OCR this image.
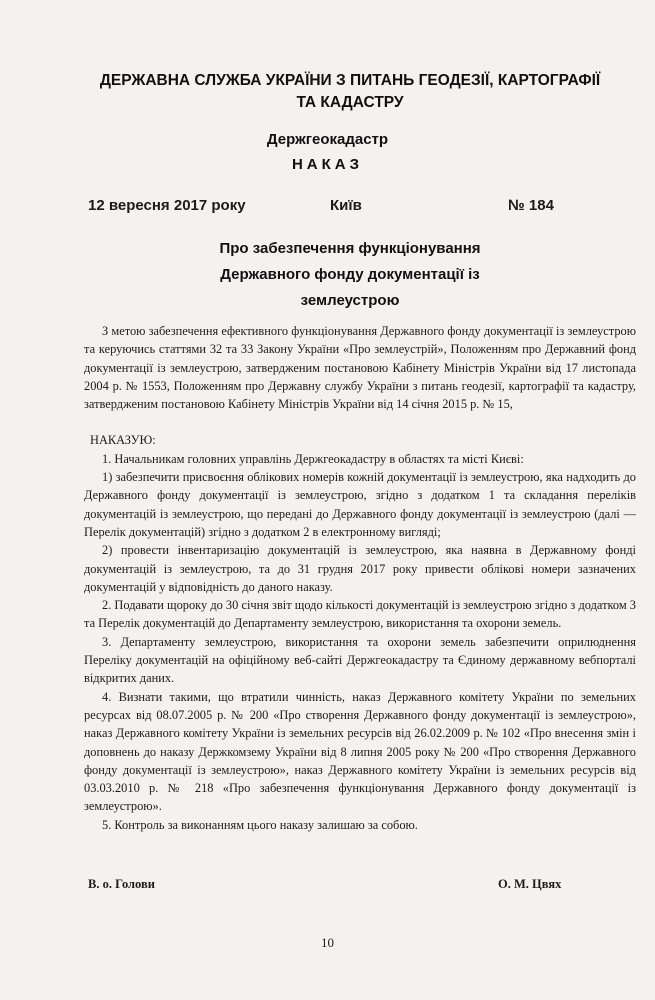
ДЕРЖАВНА СЛУЖБА УКРАЇНИ З ПИТАНЬ ГЕОДЕЗІЇ, КАРТОГРАФІЇ ТА КАДАСТРУ
Держгеокадастр
НАКАЗ
12 вересня 2017 року	Київ	№ 184
Про забезпечення функціонування
Державного фонду документації із
землеустрою

З метою забезпечення ефективного функціонування Державного фонду документації із землеустрою та керуючись статтями 32 та 33 Закону України «Про землеустрій», Положенням про Державний фонд документації із землеустрою, затвердженим постановою Кабінету Міністрів України від 17 листопада 2004 р. № 1553, Положенням про Державну службу України з питань геодезії, картографії та кадастру, затвердженим постановою Кабінету Міністрів України від 14 січня 2015 р. № 15,

НАКАЗУЮ:

1. Начальникам головних управлінь Держгеокадастру в областях та місті Києві:

1) забезпечити присвоєння облікових номерів кожній документації із землеустрою, яка надходить до Державного фонду документації із землеустрою, згідно з додатком 1 та складання переліків документацій із землеустрою, що передані до Державного фонду документації із землеустрою (далі — Перелік документацій) згідно з додатком 2 в електронному вигляді;

2) провести інвентаризацію документацій із землеустрою, яка наявна в Державному фонді документацій із землеустрою, та до 31 грудня 2017 року привести облікові номери зазначених документацій у відповідність до даного наказу.

2. Подавати щороку до 30 січня звіт щодо кількості документацій із землеустрою згідно з додатком 3 та Перелік документацій до Департаменту землеустрою, використання та охорони земель.

3. Департаменту землеустрою, використання та охорони земель забезпечити оприлюднення Переліку документацій на офіційному веб-сайті Держгеокадастру та Єдиному державному вебпорталі відкритих даних.

4. Визнати такими, що втратили чинність, наказ Державного комітету України по земельних ресурсах від 08.07.2005 р. № 200 «Про створення Державного фонду документації із землеустрою», наказ Державного комітету України із земельних ресурсів від 26.02.2009 р. № 102 «Про внесення змін і доповнень до наказу Держкомзему України від 8 липня 2005 року № 200 «Про створення Державного фонду документації із землеустрою», наказ Державного комітету України із земельних ресурсів від 03.03.2010 р. № 218 «Про забезпечення функціонування Державного фонду документації із землеустрою».

5. Контроль за виконанням цього наказу залишаю за собою.

В. о. Голови	О. М. Цвях
10
